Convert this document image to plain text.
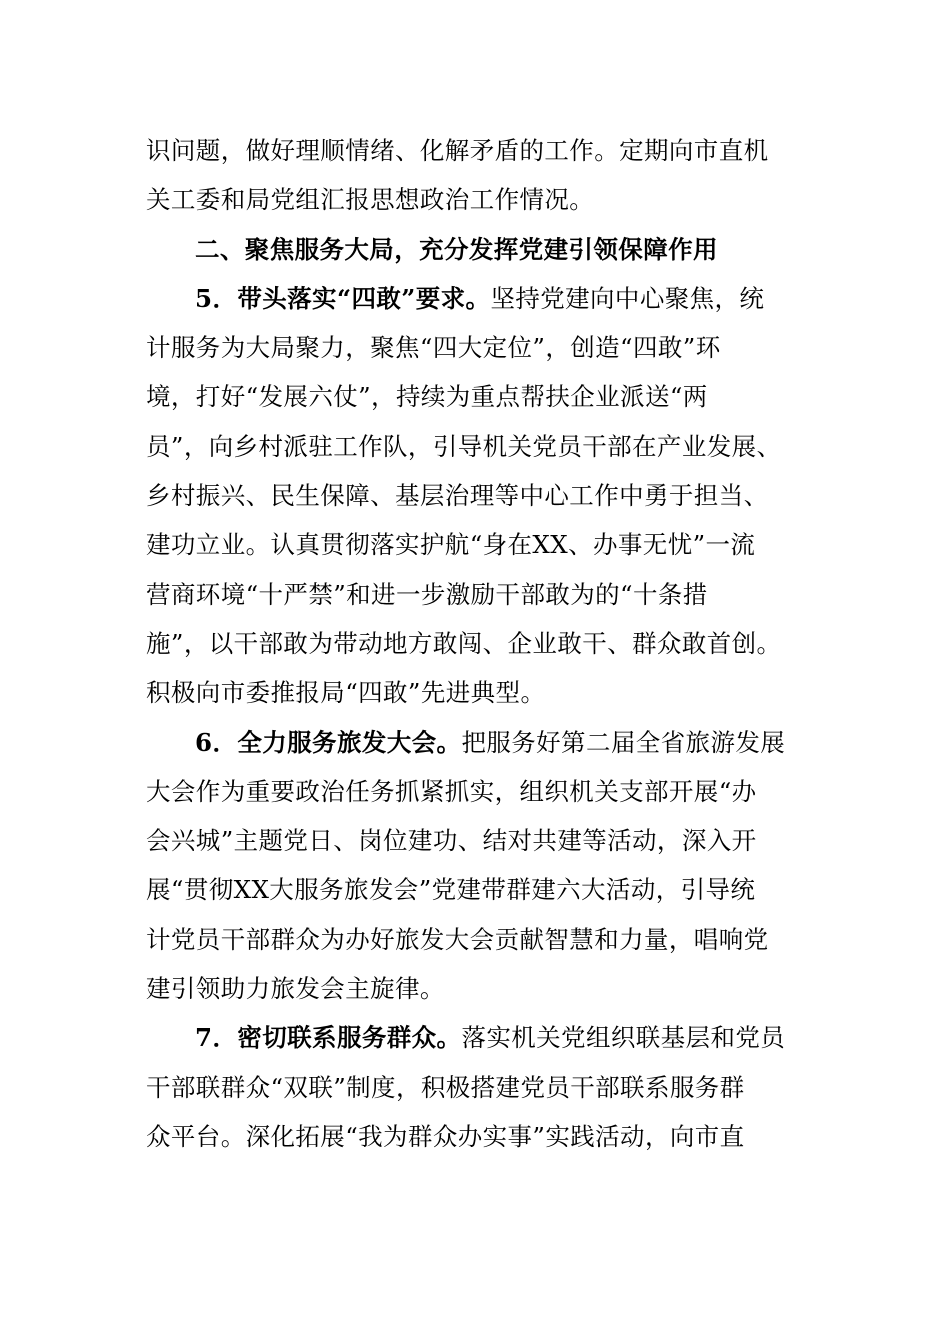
识问题，做好理顺情绪、化解矛盾的工作。定期向市直机
关工委和局党组汇报思想政治工作情况。
二、聚焦服务大局，充分发挥党建引领保障作用
5．带头落实“四敢”要求。坚持党建向中心聚焦，统
计服务为大局聚力，聚焦“四大定位”，创造“四敢”环
境，打好“发展六仗”，持续为重点帮扶企业派送“两
员”，向乡村派驻工作队，引导机关党员干部在产业发展、
乡村振兴、民生保障、基层治理等中心工作中勇于担当、
建功立业。认真贯彻落实护航“身在XX、办事无忧”一流
营商环境“十严禁”和进一步激励干部敢为的“十条措
施”，以干部敢为带动地方敢闯、企业敢干、群众敢首创。
积极向市委推报局“四敢”先进典型。
6．全力服务旅发大会。把服务好第二届全省旅游发展
大会作为重要政治任务抓紧抓实，组织机关支部开展“办
会兴城”主题党日、岗位建功、结对共建等活动，深入开
展“贯彻XX大服务旅发会”党建带群建六大活动，引导统
计党员干部群众为办好旅发大会贡献智慧和力量，唱响党
建引领助力旅发会主旋律。
7．密切联系服务群众。落实机关党组织联基层和党员
干部联群众“双联”制度，积极搭建党员干部联系服务群
众平台。深化拓展“我为群众办实事”实践活动，向市直
